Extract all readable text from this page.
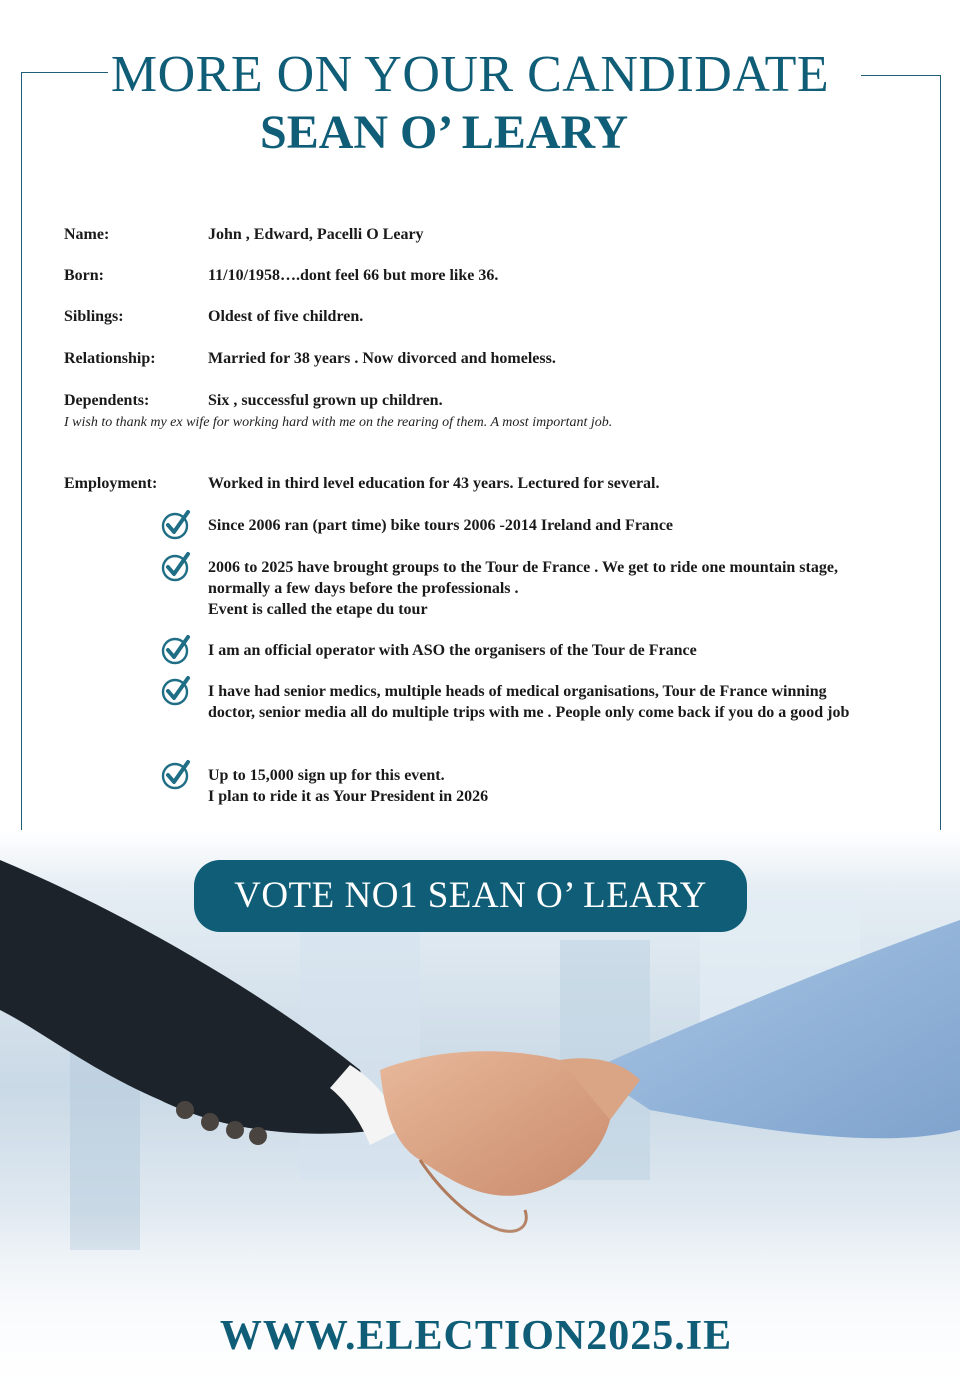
MORE ON YOUR CANDIDATE
SEAN O’ LEARY
Name:	John , Edward, Pacelli O Leary
Born:	11/10/1958….dont feel 66 but more like 36.
Siblings:	Oldest of five children.
Relationship:	Married for 38 years . Now divorced and homeless.
Dependents:	Six , successful grown up children.
I wish to thank my ex wife for working hard with me on the rearing of them. A most important job.
Employment:	Worked in third level education for 43 years. Lectured for several.
Since 2006 ran (part time) bike tours 2006 -2014 Ireland and France
2006 to 2025 have brought groups to the Tour de France . We get to ride one mountain stage, normally a few days before the professionals .
Event is called the etape du tour
I am an official operator with ASO the organisers of the Tour de France
I have had senior medics, multiple heads of medical organisations, Tour de France winning doctor, senior media all do multiple trips with me . People only come back if you do a good job
Up to 15,000 sign up for this event.
I plan to ride it as Your President in 2026
VOTE NO1 SEAN O’ LEARY
WWW.ELECTION2025.IE
